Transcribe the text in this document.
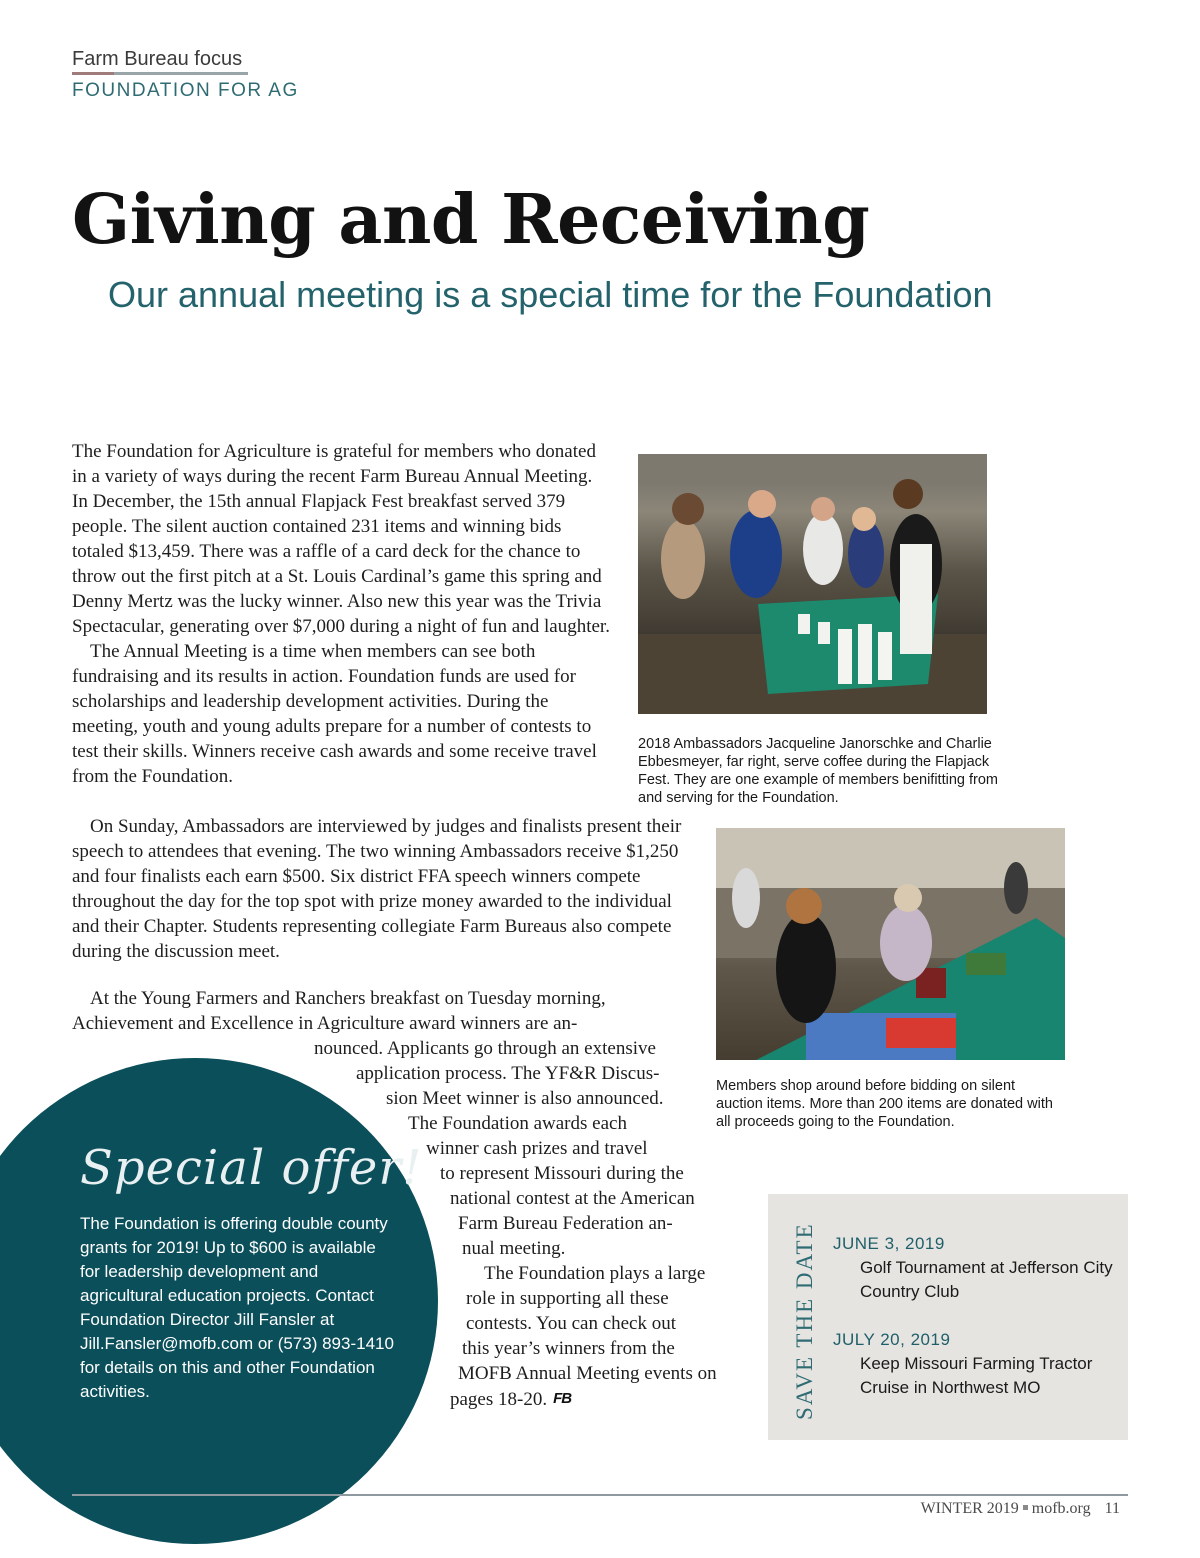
Farm Bureau focus
FOUNDATION FOR AG
Giving and Receiving
Our annual meeting is a special time for the Foundation

The Foundation for Agriculture is grateful for members who donated in a variety of ways during the recent Farm Bureau Annual Meeting. In December, the 15th annual Flapjack Fest breakfast served 379 people. The silent auction contained 231 items and winning bids totaled $13,459. There was a raffle of a card deck for the chance to throw out the first pitch at a St. Louis Cardinal’s game this spring and Denny Mertz was the lucky winner. Also new this year was the Trivia Spectacular, generating over $7,000 during a night of fun and laughter.

The Annual Meeting is a time when members can see both fundraising and its results in action. Foundation funds are used for scholarships and leadership development activities. During the meeting, youth and young adults prepare for a number of contests to test their skills. Winners receive cash awards and some receive travel from the Foundation.

On Sunday, Ambassadors are interviewed by judges and finalists present their speech to attendees that evening. The two winning Ambassadors receive $1,250 and four finalists each earn $500. Six district FFA speech winners compete throughout the day for the top spot with prize money awarded to the individual and their Chapter. Students representing collegiate Farm Bureaus also compete during the discussion meet.

At the Young Farmers and Ranchers breakfast on Tuesday morning,
Achievement and Excellence in Agriculture award winners are an-
nounced. Applicants go through an extensive
application process. The YF&R Discus-
sion Meet winner is also announced.
The Foundation awards each
winner cash prizes and travel
to represent Missouri during the
national contest at the American
Farm Bureau Federation an-
nual meeting.
The Foundation plays a large
role in supporting all these
contests. You can check out
this year’s winners from the
MOFB Annual Meeting events on
pages 18-20. FB
2018 Ambassadors Jacqueline Janorschke and Charlie Ebbesmeyer, far right, serve coffee during the Flapjack Fest. They are one example of members benifitting from and serving for the Foundation.
Members shop around before bidding on silent auction items. More than 200 items are donated with all proceeds going to the Foundation.
Special offer!
The Foundation is offering double county grants for 2019! Up to $600 is available for leadership development and agricultural education projects. Contact Foundation Director Jill Fansler at Jill.Fansler@mofb.com or (573) 893-1410 for details on this and other Foundation activities.	SAVE THE DATE JUNE 3, 2019
Golf Tournament at Jefferson City Country Club
JULY 20, 2019
Keep Missouri Farming Tractor Cruise in Northwest MO
WINTER 2019 mofb.org 11
